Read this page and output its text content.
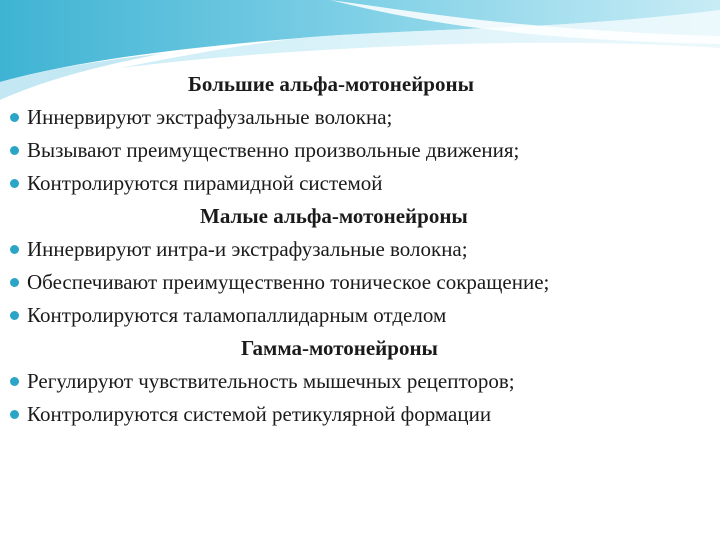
Большие альфа-мотонейроны
Иннервируют экстрафузальные волокна;
Вызывают преимущественно произвольные движения;
Контролируются пирамидной системой
Малые альфа-мотонейроны
Иннервируют интра-и экстрафузальные волокна;
Обеспечивают преимущественно тоническое сокращение;
Контролируются таламопаллидарным отделом
Гамма-мотонейроны
Регулируют чувствительность мышечных рецепторов;
Контролируются системой ретикулярной формации
